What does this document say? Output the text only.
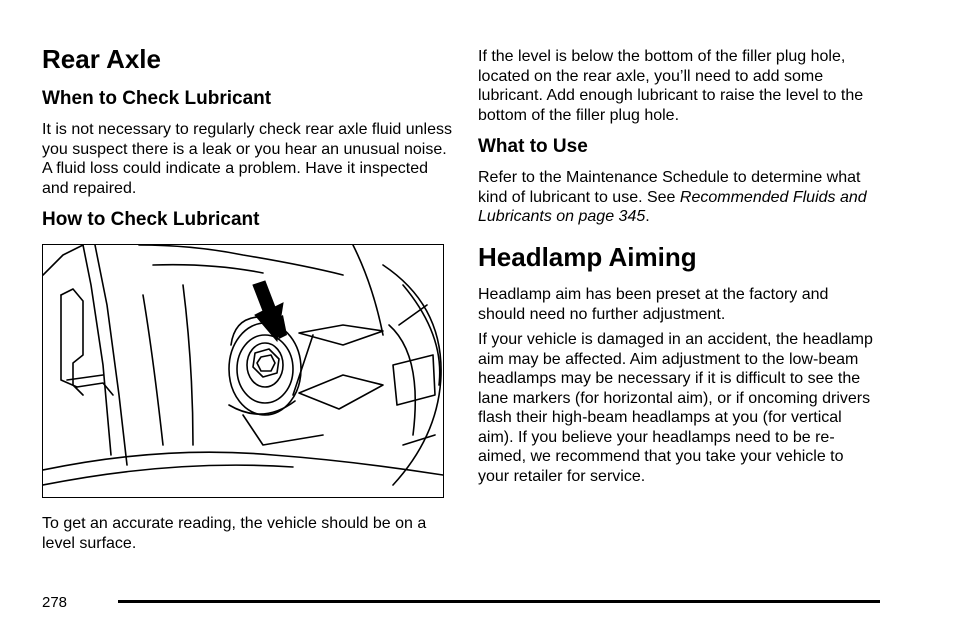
Rear Axle
When to Check Lubricant

It is not necessary to regularly check rear axle fluid unless you suspect there is a leak or you hear an unusual noise. A fluid loss could indicate a problem. Have it inspected and repaired.

How to Check Lubricant

To get an accurate reading, the vehicle should be on a level surface.

If the level is below the bottom of the filler plug hole, located on the rear axle, you’ll need to add some lubricant. Add enough lubricant to raise the level to the bottom of the filler plug hole.

What to Use

Refer to the Maintenance Schedule to determine what kind of lubricant to use. See Recommended Fluids and Lubricants on page 345.

Headlamp Aiming

Headlamp aim has been preset at the factory and should need no further adjustment.

If your vehicle is damaged in an accident, the headlamp aim may be affected. Aim adjustment to the low-beam headlamps may be necessary if it is difficult to see the lane markers (for horizontal aim), or if oncoming drivers flash their high-beam headlamps at you (for vertical aim). If you believe your headlamps need to be re-aimed, we recommend that you take your vehicle to your retailer for service.

278
